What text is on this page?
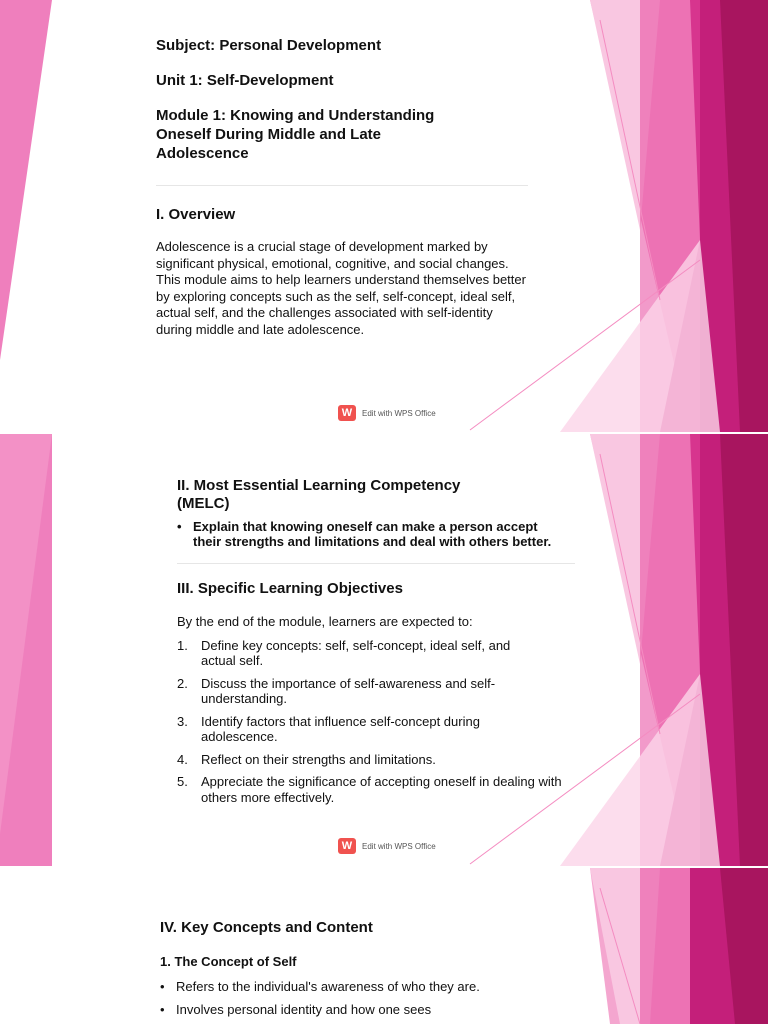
Subject: Personal Development

Unit 1: Self-Development

Module 1: Knowing and Understanding

Oneself During Middle and Late

Adolescence

I. Overview

Adolescence is a crucial stage of development marked by significant physical, emotional, cognitive, and social changes. This module aims to help learners understand themselves better by exploring concepts such as the self, self-concept, ideal self, actual self, and the challenges associated with self-identity during middle and late adolescence.

W	Edit with WPS Office

II. Most Essential Learning Competency

(MELC)

• Explain that knowing oneself can make a person accept their strengths and limitations and deal with others better.

III. Specific Learning Objectives

By the end of the module, learners are expected to:

1.	Define key concepts: self, self-concept, ideal self, and actual self.
2.	Discuss the importance of self-awareness and self-understanding.
3.	Identify factors that influence self-concept during adolescence.
4.	Reflect on their strengths and limitations.
5.	Appreciate the significance of accepting oneself in dealing with others more effectively.
W	Edit with WPS Office

IV. Key Concepts and Content

1. The Concept of Self

• Refers to the individual's awareness of who they are.
• Involves personal identity and how one sees
